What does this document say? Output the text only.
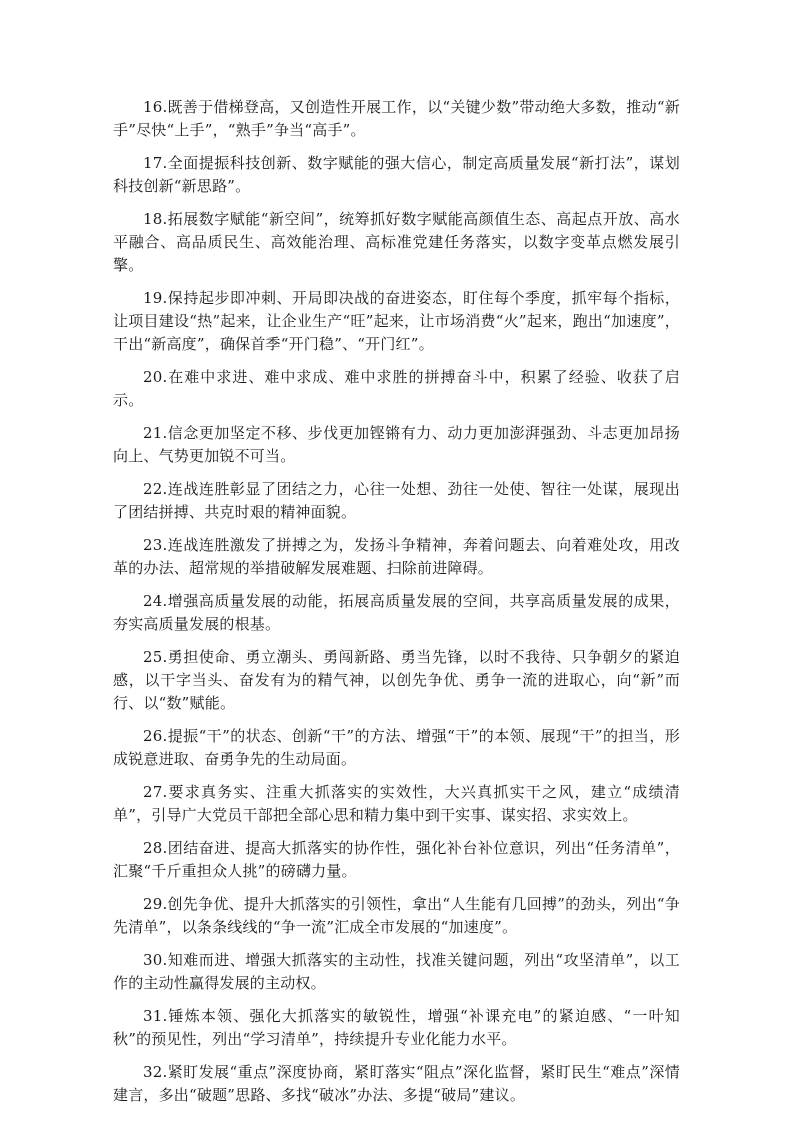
16.既善于借梯登高，又创造性开展工作，以“关键少数”带动绝大多数，推动“新手”尽快“上手”，“熟手”争当“高手”。

17.全面提振科技创新、数字赋能的强大信心，制定高质量发展“新打法”，谋划科技创新“新思路”。

18.拓展数字赋能“新空间”，统筹抓好数字赋能高颜值生态、高起点开放、高水平融合、高品质民生、高效能治理、高标准党建任务落实，以数字变革点燃发展引擎。

19.保持起步即冲刺、开局即决战的奋进姿态，盯住每个季度，抓牢每个指标，让项目建设“热”起来，让企业生产“旺”起来，让市场消费“火”起来，跑出“加速度”，干出“新高度”，确保首季“开门稳”、“开门红”。

20.在难中求进、难中求成、难中求胜的拼搏奋斗中，积累了经验、收获了启示。

21.信念更加坚定不移、步伐更加铿锵有力、动力更加澎湃强劲、斗志更加昂扬向上、气势更加锐不可当。

22.连战连胜彰显了团结之力，心往一处想、劲往一处使、智往一处谋，展现出了团结拼搏、共克时艰的精神面貌。

23.连战连胜激发了拼搏之为，发扬斗争精神，奔着问题去、向着难处攻，用改革的办法、超常规的举措破解发展难题、扫除前进障碍。

24.增强高质量发展的动能，拓展高质量发展的空间，共享高质量发展的成果，夯实高质量发展的根基。

25.勇担使命、勇立潮头、勇闯新路、勇当先锋，以时不我待、只争朝夕的紧迫感，以干字当头、奋发有为的精气神，以创先争优、勇争一流的进取心，向“新”而行、以“数”赋能。

26.提振“干”的状态、创新“干”的方法、增强“干”的本领、展现“干”的担当，形成锐意进取、奋勇争先的生动局面。

27.要求真务实、注重大抓落实的实效性，大兴真抓实干之风，建立“成绩清单”，引导广大党员干部把全部心思和精力集中到干实事、谋实招、求实效上。

28.团结奋进、提高大抓落实的协作性，强化补台补位意识，列出“任务清单”，汇聚“千斤重担众人挑”的磅礴力量。

29.创先争优、提升大抓落实的引领性，拿出“人生能有几回搏”的劲头，列出“争先清单”，以条条线线的“争一流”汇成全市发展的“加速度”。

30.知难而进、增强大抓落实的主动性，找准关键问题，列出“攻坚清单”，以工作的主动性赢得发展的主动权。

31.锤炼本领、强化大抓落实的敏锐性，增强“补课充电”的紧迫感、“一叶知秋”的预见性，列出“学习清单”，持续提升专业化能力水平。

32.紧盯发展“重点”深度协商，紧盯落实“阻点”深化监督，紧盯民生“难点”深情建言，多出“破题”思路、多找“破冰”办法、多提“破局”建议。
